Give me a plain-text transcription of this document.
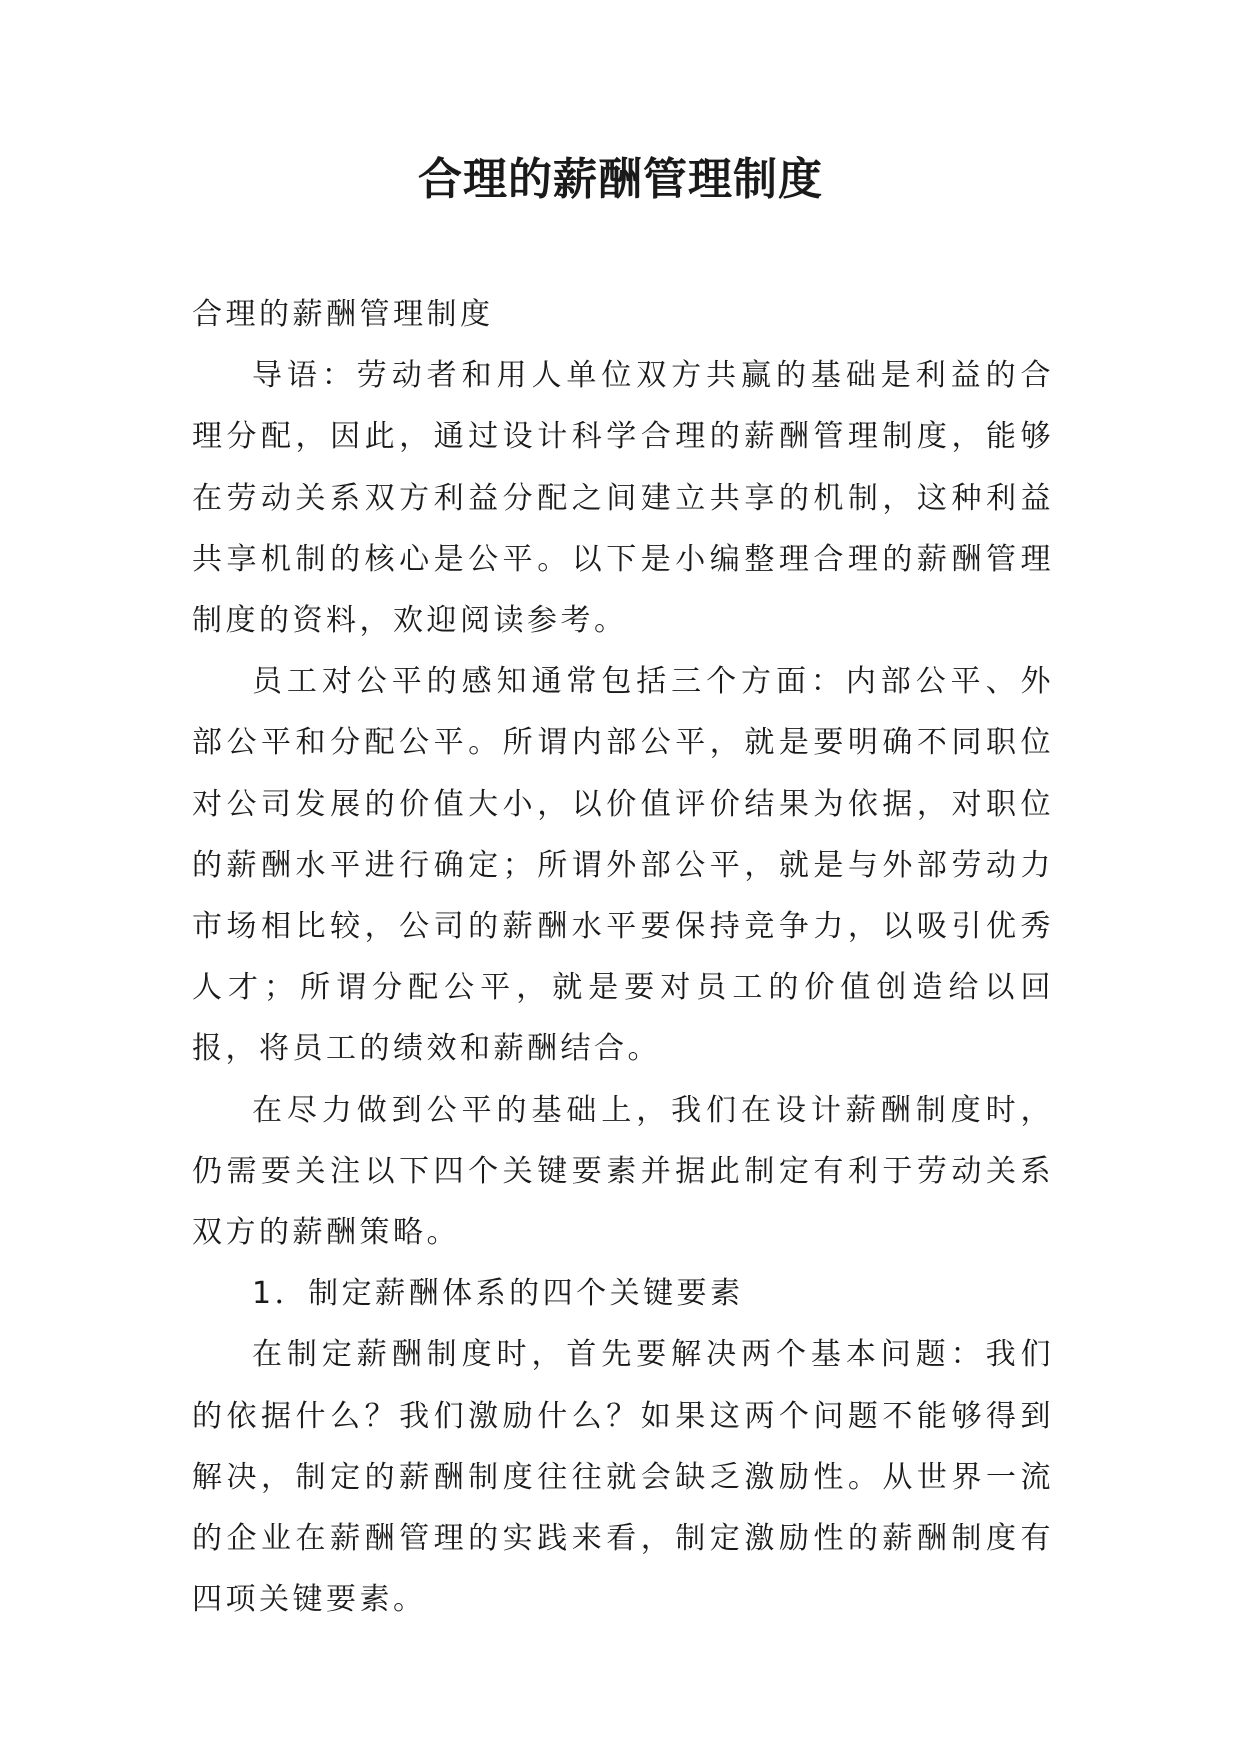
合理的薪酬管理制度

合理的薪酬管理制度

导语：劳动者和用人单位双方共赢的基础是利益的合理分配，因此，通过设计科学合理的薪酬管理制度，能够在劳动关系双方利益分配之间建立共享的机制，这种利益共享机制的核心是公平。以下是小编整理合理的薪酬管理制度的资料，欢迎阅读参考。

员工对公平的感知通常包括三个方面：内部公平、外部公平和分配公平。所谓内部公平，就是要明确不同职位对公司发展的价值大小，以价值评价结果为依据，对职位的薪酬水平进行确定；所谓外部公平，就是与外部劳动力市场相比较，公司的薪酬水平要保持竞争力，以吸引优秀人才；所谓分配公平，就是要对员工的价值创造给以回报，将员工的绩效和薪酬结合。

在尽力做到公平的基础上，我们在设计薪酬制度时，仍需要关注以下四个关键要素并据此制定有利于劳动关系双方的薪酬策略。

1．制定薪酬体系的四个关键要素

在制定薪酬制度时，首先要解决两个基本问题：我们的依据什么？我们激励什么？如果这两个问题不能够得到解决，制定的薪酬制度往往就会缺乏激励性。从世界一流的企业在薪酬管理的实践来看，制定激励性的薪酬制度有四项关键要素。
